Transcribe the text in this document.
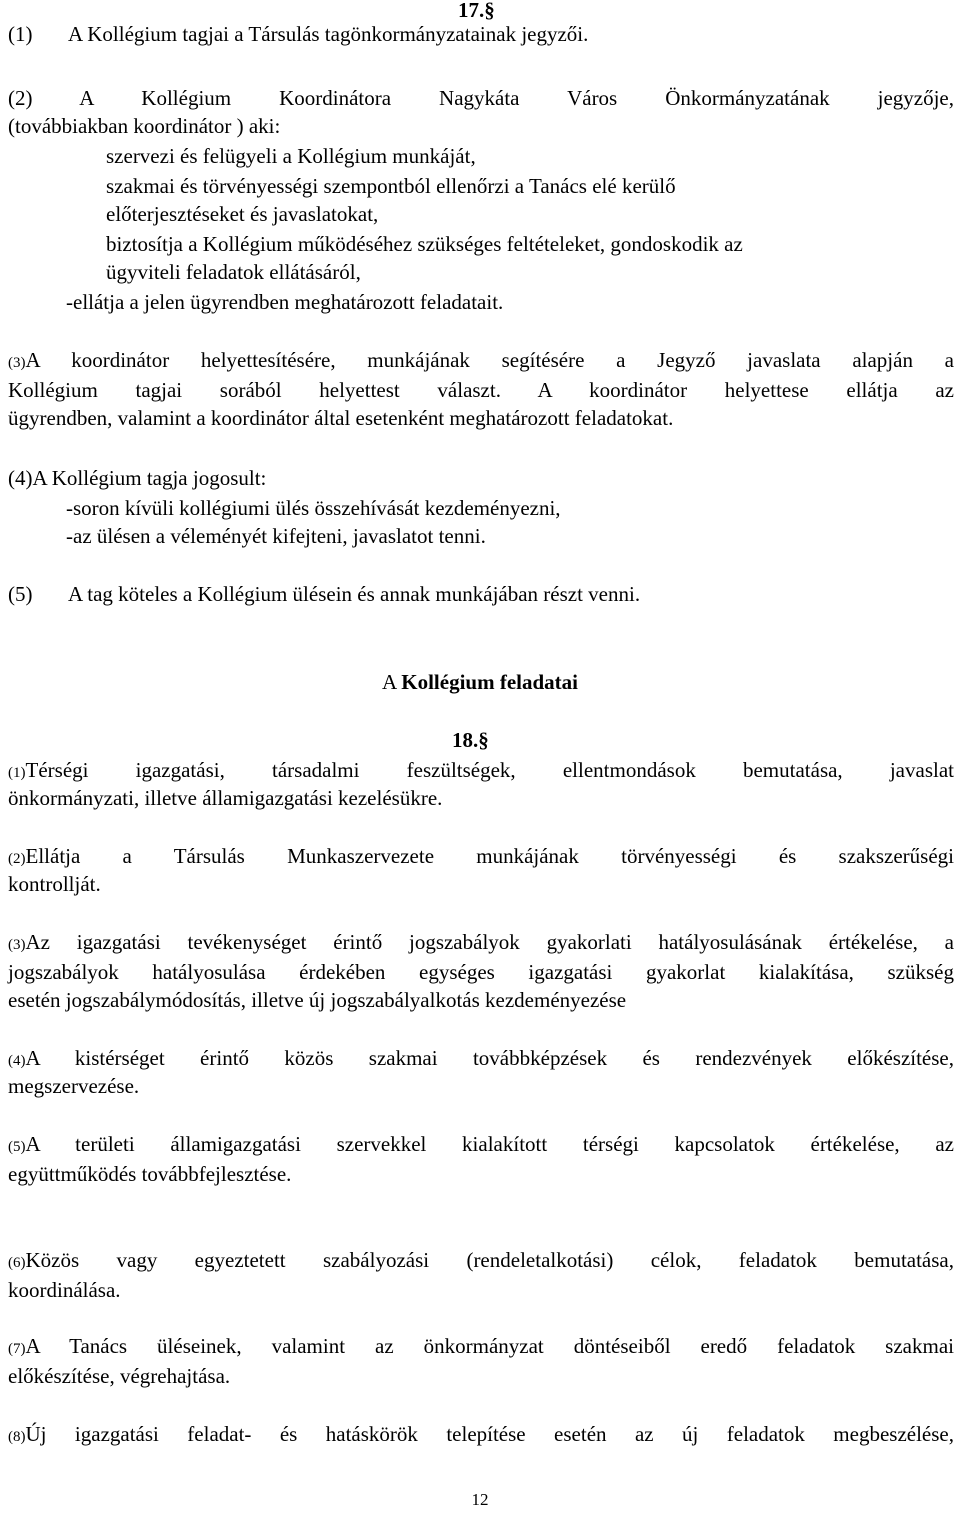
17.§
(1) A Kollégium tagjai a Társulás tagönkormányzatainak jegyzői.
(2) A Kollégium Koordinátora Nagykáta Város Önkormányzatának jegyzője,
(továbbiakban koordinátor ) aki:
szervezi és felügyeli a Kollégium munkáját,
szakmai és törvényességi szempontból ellenőrzi a Tanács elé kerülő
előterjesztéseket és javaslatokat,
biztosítja a Kollégium működéséhez szükséges feltételeket, gondoskodik az
ügyviteli feladatok ellátásáról,
-ellátja a jelen ügyrendben meghatározott feladatait.
(3)A koordinátor helyettesítésére, munkájának segítésére a Jegyző javaslata alapján a
Kollégium tagjai sorából helyettest választ. A koordinátor helyettese ellátja az
ügyrendben, valamint a koordinátor által esetenként meghatározott feladatokat.
(4)A Kollégium tagja jogosult:
-soron kívüli kollégiumi ülés összehívását kezdeményezni,
-az ülésen a véleményét kifejteni, javaslatot tenni.
(5) A tag köteles a Kollégium ülésein és annak munkájában részt venni.
A Kollégium feladatai
18.§
(1)Térségi igazgatási, társadalmi feszültségek, ellentmondások bemutatása, javaslat
önkormányzati, illetve államigazgatási kezelésükre.
(2)Ellátja a Társulás Munkaszervezete munkájának törvényességi és szakszerűségi
kontrollját.
(3)Az igazgatási tevékenységet érintő jogszabályok gyakorlati hatályosulásának értékelése, a
jogszabályok hatályosulása érdekében egységes igazgatási gyakorlat kialakítása, szükség
esetén jogszabálymódosítás, illetve új jogszabályalkotás kezdeményezése
(4)A kistérséget érintő közös szakmai továbbképzések és rendezvények előkészítése,
megszervezése.
(5)A területi államigazgatási szervekkel kialakított térségi kapcsolatok értékelése, az
együttműködés továbbfejlesztése.
(6)Közös vagy egyeztetett szabályozási (rendeletalkotási) célok, feladatok bemutatása,
koordinálása.
(7)A Tanács üléseinek, valamint az önkormányzat döntéseiből eredő feladatok szakmai
előkészítése, végrehajtása.
(8)Új igazgatási feladat- és hatáskörök telepítése esetén az új feladatok megbeszélése,
12
